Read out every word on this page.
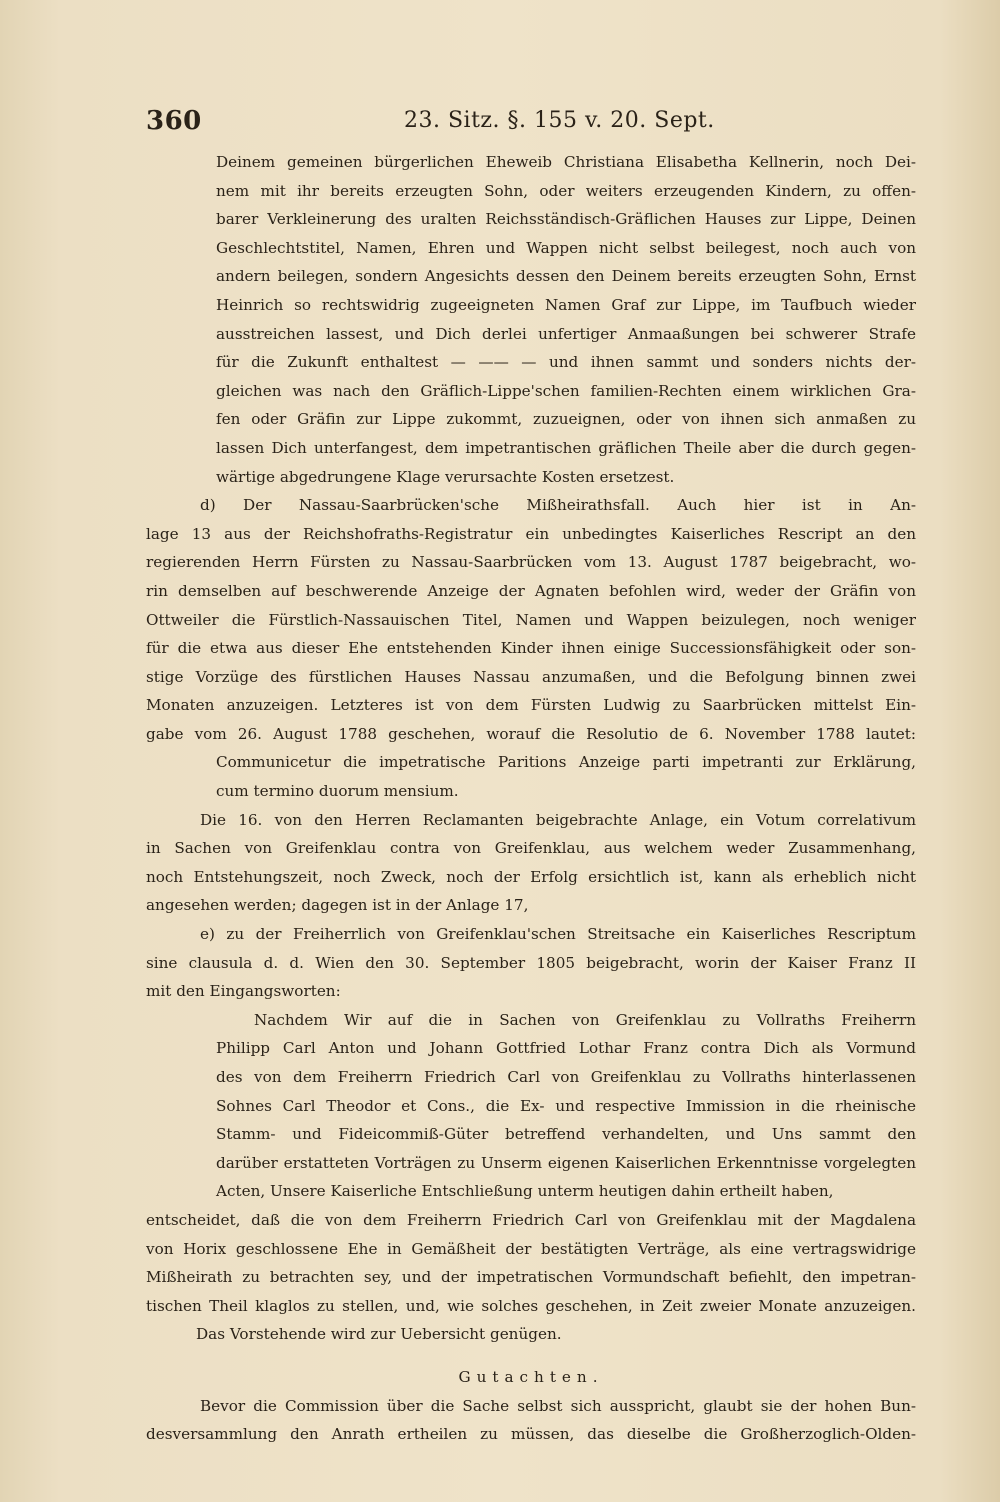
360	23. Sitz. §. 155 v. 20. Sept.
Deinem gemeinen bürgerlichen Eheweib Christiana Elisabetha Kellnerin, noch Dei-
nem mit ihr bereits erzeugten Sohn, oder weiters erzeugenden Kindern, zu offen-
barer Verkleinerung des uralten Reichsständisch-Gräflichen Hauses zur Lippe, Deinen
Geschlechtstitel, Namen, Ehren und Wappen nicht selbst beilegest, noch auch von
andern beilegen, sondern Angesichts dessen den Deinem bereits erzeugten Sohn, Ernst
Heinrich so rechtswidrig zugeeigneten Namen Graf zur Lippe, im Taufbuch wieder
ausstreichen lassest, und Dich derlei unfertiger Anmaaßungen bei schwerer Strafe
für die Zukunft enthaltest — —— — und ihnen sammt und sonders nichts der-
gleichen was nach den Gräflich-Lippe'schen familien-Rechten einem wirklichen Gra-
fen oder Gräfin zur Lippe zukommt, zuzueignen, oder von ihnen sich anmaßen zu
lassen Dich unterfangest, dem impetrantischen gräflichen Theile aber die durch gegen-
wärtige abgedrungene Klage verursachte Kosten ersetzest.
d) Der Nassau-Saarbrücken'sche Mißheirathsfall. Auch hier ist in An-
lage 13 aus der Reichshofraths-Registratur ein unbedingtes Kaiserliches Rescript an den
regierenden Herrn Fürsten zu Nassau-Saarbrücken vom 13. August 1787 beigebracht, wo-
rin demselben auf beschwerende Anzeige der Agnaten befohlen wird, weder der Gräfin von
Ottweiler die Fürstlich-Nassauischen Titel, Namen und Wappen beizulegen, noch weniger
für die etwa aus dieser Ehe entstehenden Kinder ihnen einige Successionsfähigkeit oder son-
stige Vorzüge des fürstlichen Hauses Nassau anzumaßen, und die Befolgung binnen zwei
Monaten anzuzeigen. Letzteres ist von dem Fürsten Ludwig zu Saarbrücken mittelst Ein-
gabe vom 26. August 1788 geschehen, worauf die Resolutio de 6. November 1788 lautet:
Communicetur die impetratische Paritions Anzeige parti impetranti zur Erklärung,
cum termino duorum mensium.
Die 16. von den Herren Reclamanten beigebrachte Anlage, ein Votum correlativum
in Sachen von Greifenklau contra von Greifenklau, aus welchem weder Zusammenhang,
noch Entstehungszeit, noch Zweck, noch der Erfolg ersichtlich ist, kann als erheblich nicht
angesehen werden; dagegen ist in der Anlage 17,
e) zu der Freiherrlich von Greifenklau'schen Streitsache ein Kaiserliches Rescriptum
sine clausula d. d. Wien den 30. September 1805 beigebracht, worin der Kaiser Franz II
mit den Eingangsworten:
Nachdem Wir auf die in Sachen von Greifenklau zu Vollraths Freiherrn
Philipp Carl Anton und Johann Gottfried Lothar Franz contra Dich als Vormund
des von dem Freiherrn Friedrich Carl von Greifenklau zu Vollraths hinterlassenen
Sohnes Carl Theodor et Cons., die Ex- und respective Immission in die rheinische
Stamm- und Fideicommiß-Güter betreffend verhandelten, und Uns sammt den
darüber erstatteten Vorträgen zu Unserm eigenen Kaiserlichen Erkenntnisse vorgelegten
Acten, Unsere Kaiserliche Entschließung unterm heutigen dahin ertheilt haben,
entscheidet, daß die von dem Freiherrn Friedrich Carl von Greifenklau mit der Magdalena
von Horix geschlossene Ehe in Gemäßheit der bestätigten Verträge, als eine vertragswidrige
Mißheirath zu betrachten sey, und der impetratischen Vormundschaft befiehlt, den impetran-
tischen Theil klaglos zu stellen, und, wie solches geschehen, in Zeit zweier Monate anzuzeigen.
Das Vorstehende wird zur Uebersicht genügen.
Gutachten.
Bevor die Commission über die Sache selbst sich ausspricht, glaubt sie der hohen Bun-
desversammlung den Anrath ertheilen zu müssen, das dieselbe die Großherzoglich-Olden-
